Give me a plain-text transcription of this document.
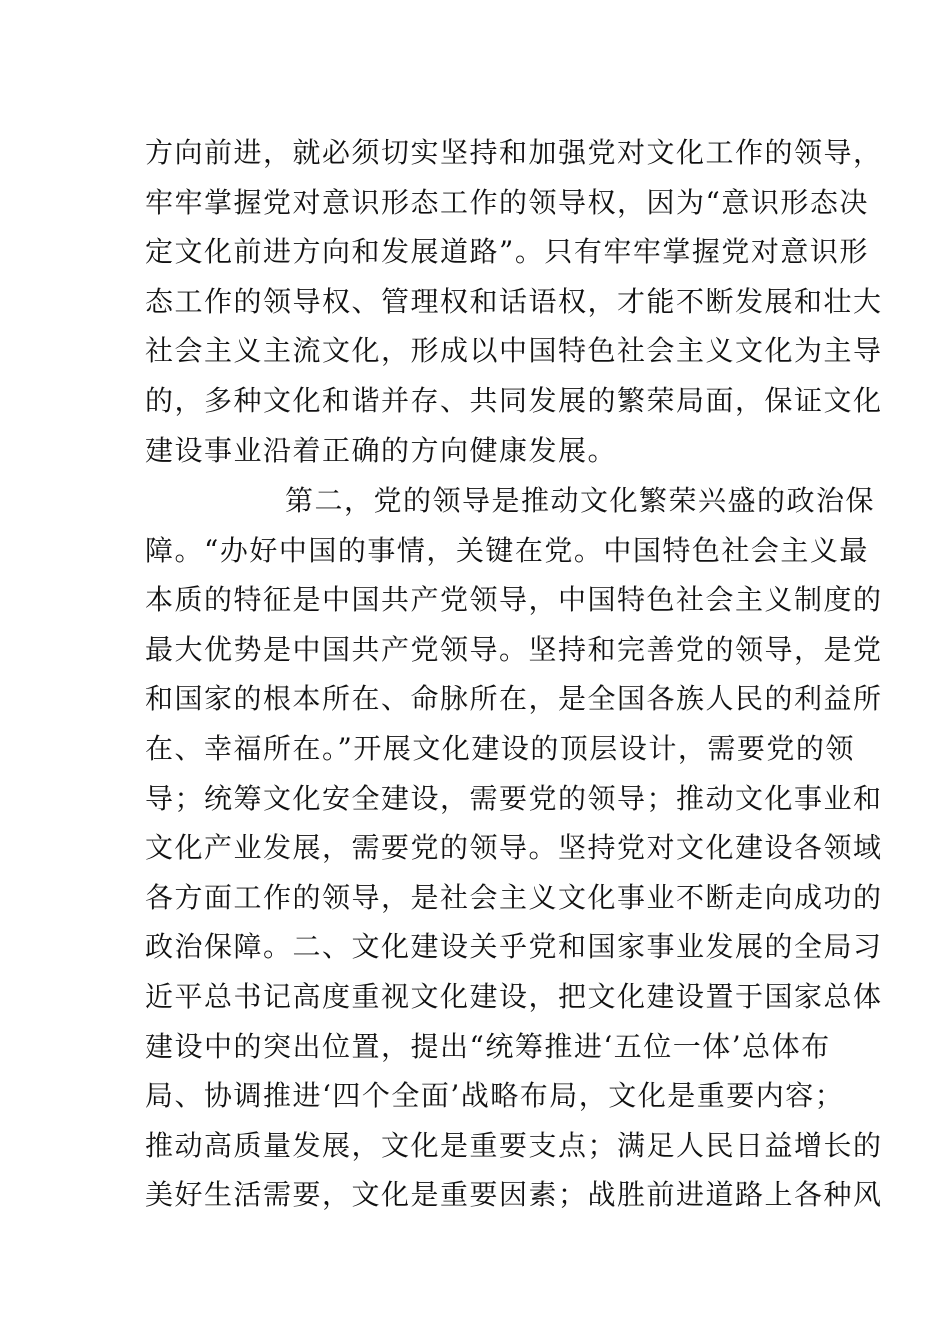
方向前进，就必须切实坚持和加强党对文化工作的领导，
牢牢掌握党对意识形态工作的领导权，因为“意识形态决
定文化前进方向和发展道路”。只有牢牢掌握党对意识形
态工作的领导权、管理权和话语权，才能不断发展和壮大
社会主义主流文化，形成以中国特色社会主义文化为主导
的，多种文化和谐并存、共同发展的繁荣局面，保证文化
建设事业沿着正确的方向健康发展。
第二，党的领导是推动文化繁荣兴盛的政治保
障。“办好中国的事情，关键在党。中国特色社会主义最
本质的特征是中国共产党领导，中国特色社会主义制度的
最大优势是中国共产党领导。坚持和完善党的领导，是党
和国家的根本所在、命脉所在，是全国各族人民的利益所
在、幸福所在。”开展文化建设的顶层设计，需要党的领
导；统筹文化安全建设，需要党的领导；推动文化事业和
文化产业发展，需要党的领导。坚持党对文化建设各领域
各方面工作的领导，是社会主义文化事业不断走向成功的
政治保障。二、文化建设关乎党和国家事业发展的全局习
近平总书记高度重视文化建设，把文化建设置于国家总体
建设中的突出位置，提出“统筹推进‘五位一体’总体布
局、协调推进‘四个全面’战略布局，文化是重要内容；
推动高质量发展，文化是重要支点；满足人民日益增长的
美好生活需要，文化是重要因素；战胜前进道路上各种风
